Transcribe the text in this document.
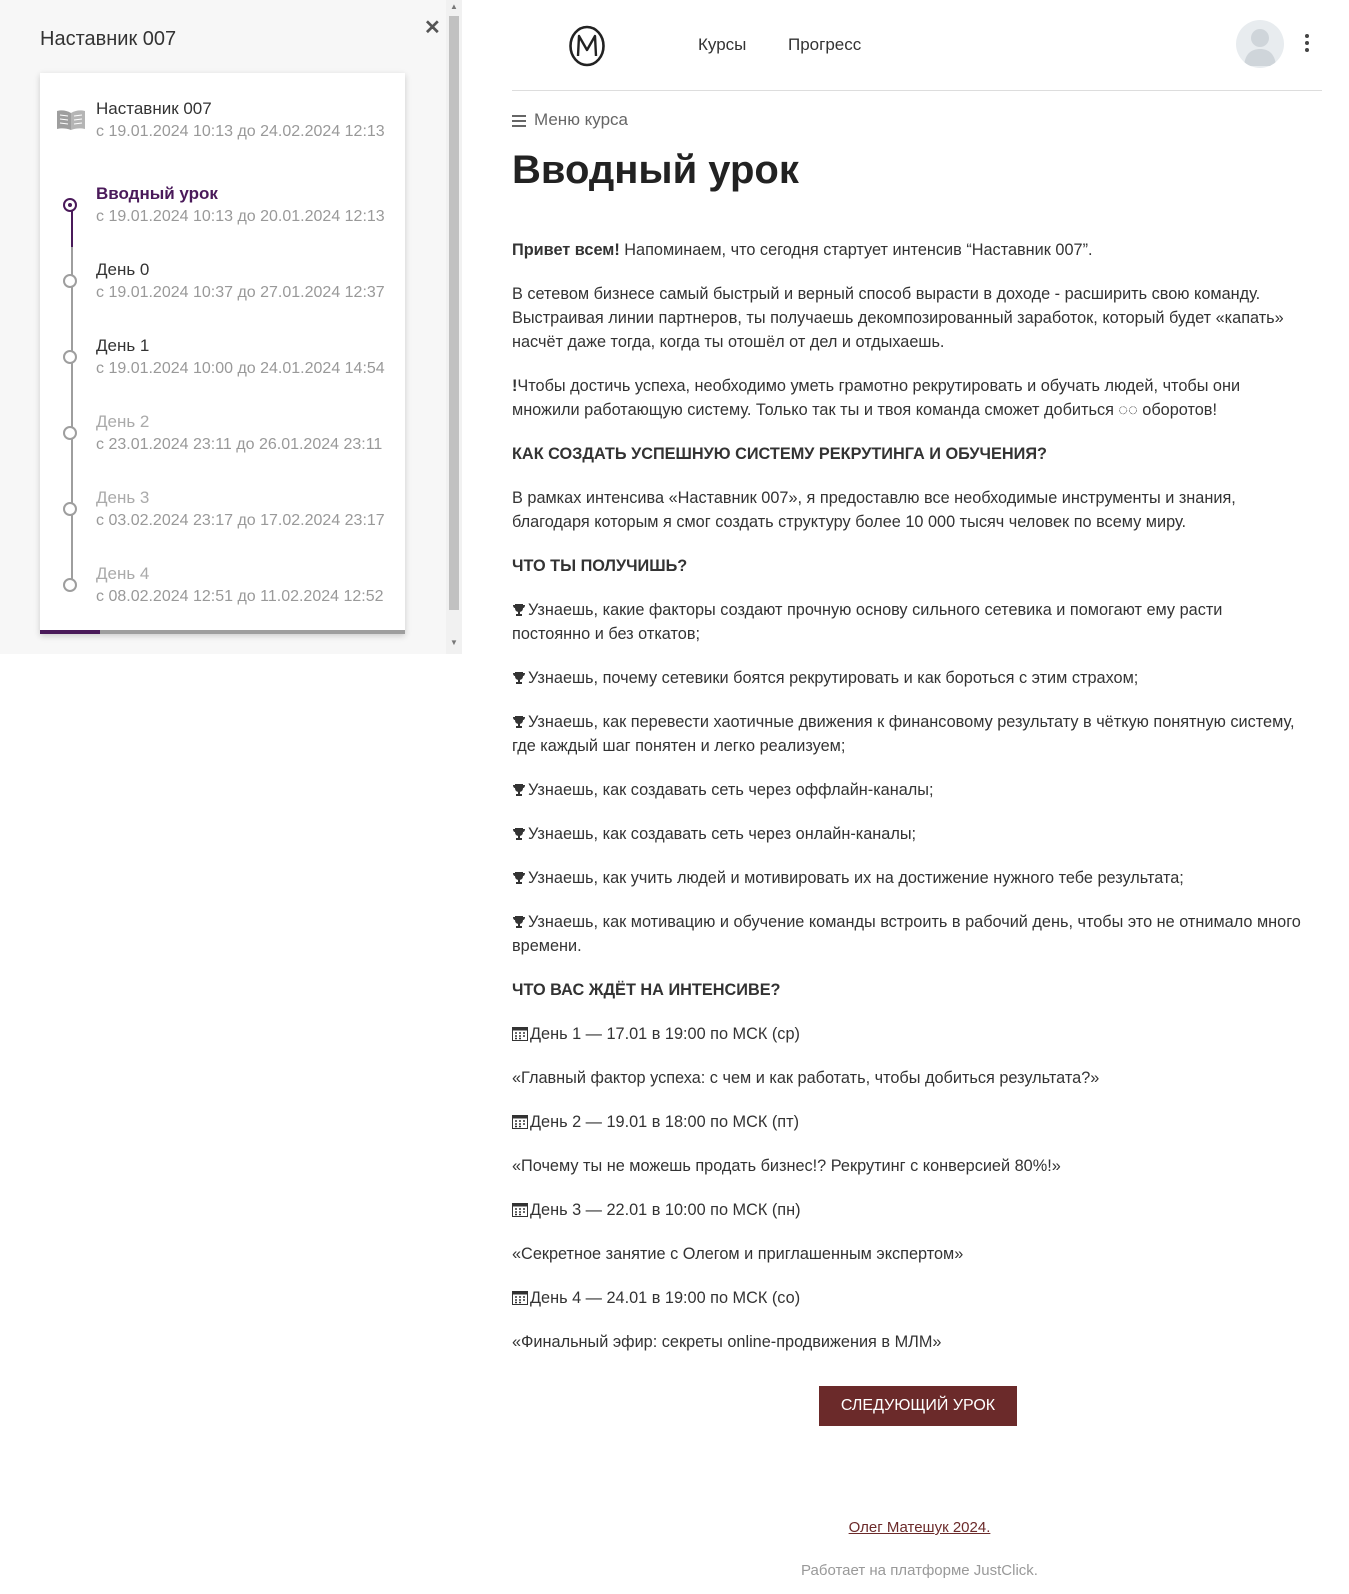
Наставник 007	✕
Наставник 007
с 19.01.2024 10:13 до 24.02.2024 12:13
Вводный урок
с 19.01.2024 10:13 до 20.01.2024 12:13
День 0
с 19.01.2024 10:37 до 27.01.2024 12:37
День 1
с 19.01.2024 10:00 до 24.01.2024 14:54
День 2
с 23.01.2024 23:11 до 26.01.2024 23:11
День 3
с 03.02.2024 23:17 до 17.02.2024 23:17
День 4
с 08.02.2024 12:51 до 11.02.2024 12:52
▲
▼
Курсы Прогресс
Меню курса
Вводный урок

Привет всем! Напоминаем, что сегодня стартует интенсив “Наставник 007”.

В сетевом бизнесе самый быстрый и верный способ вырасти в доходе - расширить свою команду. Выстраивая линии партнеров, ты получаешь декомпозированный заработок, который будет «капать» насчёт даже тогда, когда ты отошёл от дел и отдыхаешь.

!Чтобы достичь успеха, необходимо уметь грамотно рекрутировать и обучать людей, чтобы они множили работающую систему. Только так ты и твоя команда сможет добиться ◌◌ оборотов!

КАК СОЗДАТЬ УСПЕШНУЮ СИСТЕМУ РЕКРУТИНГА И ОБУЧЕНИЯ?

В рамках интенсива «Наставник 007», я предоставлю все необходимые инструменты и знания, благодаря которым я смог создать структуру более 10 000 тысяч человек по всему миру.

ЧТО ТЫ ПОЛУЧИШЬ?

Узнаешь, какие факторы создают прочную основу сильного сетевика и помогают ему расти постоянно и без откатов;

Узнаешь, почему сетевики боятся рекрутировать и как бороться с этим страхом;

Узнаешь, как перевести хаотичные движения к финансовому результату в чёткую понятную систему, где каждый шаг понятен и легко реализуем;

Узнаешь, как создавать сеть через оффлайн-каналы;

Узнаешь, как создавать сеть через онлайн-каналы;

Узнаешь, как учить людей и мотивировать их на достижение нужного тебе результата;

Узнаешь, как мотивацию и обучение команды встроить в рабочий день, чтобы это не отнимало много времени.

ЧТО ВАС ЖДЁТ НА ИНТЕНСИВЕ?

День 1 — 17.01 в 19:00 по МСК (ср)

«Главный фактор успеха: с чем и как работать, чтобы добиться результата?»

День 2 — 19.01 в 18:00 по МСК (пт)

«Почему ты не можешь продать бизнес!? Рекрутинг с конверсией 80%!»

День 3 — 22.01 в 10:00 по МСК (пн)

«Секретное занятие с Олегом и приглашенным экспертом»

День 4 — 24.01 в 19:00 по МСК (со)

«Финальный эфир: секреты online-продвижения в МЛМ»

СЛЕДУЮЩИЙ УРОК
Олег Матешук 2024.
Работает на платформе JustClick.
